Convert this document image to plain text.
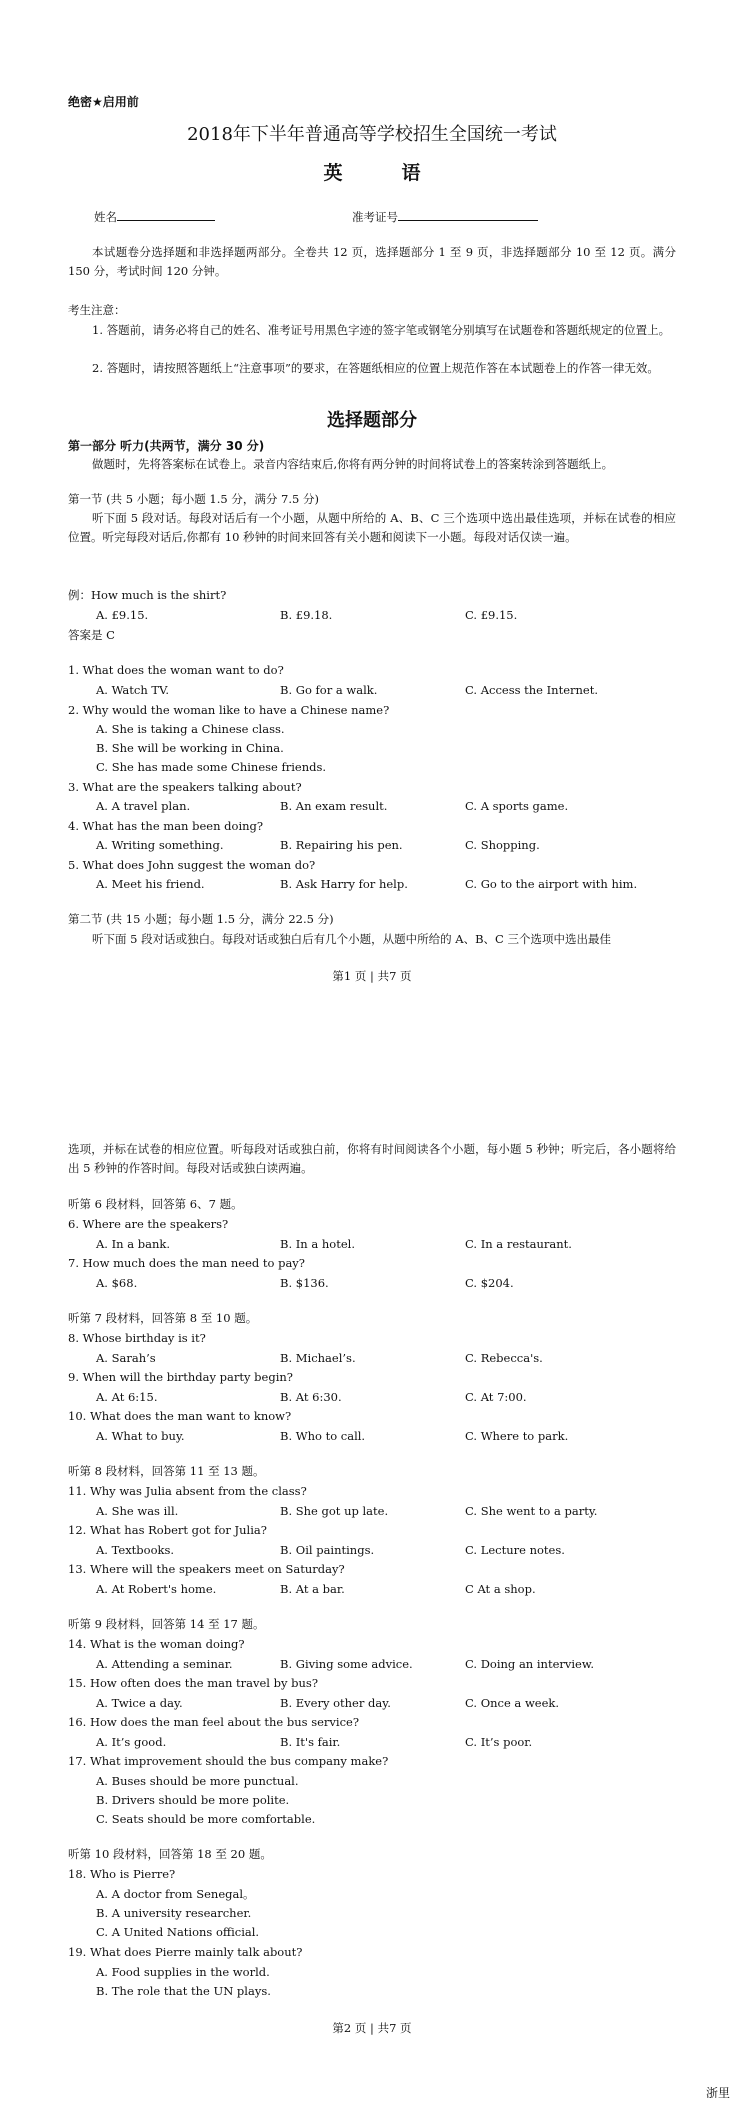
绝密★启用前
2018年下半年普通高等学校招生全国统一考试
英　语
姓名	准考证号
本试题卷分选择题和非选择题两部分。全卷共 12 页，选择题部分 1 至 9 页，非选择题部分 10 至 12 页。满分 150 分，考试时间 120 分钟。
考生注意：
1. 答题前，请务必将自己的姓名、准考证号用黑色字迹的签字笔或钢笔分别填写在试题卷和答题纸规定的位置上。
2. 答题时，请按照答题纸上“注意事项”的要求，在答题纸相应的位置上规范作答在本试题卷上的作答一律无效。
选择题部分
第一部分 听力(共两节，满分 30 分)
做题时，先将答案标在试卷上。录音内容结束后,你将有两分钟的时间将试卷上的答案转涂到答题纸上。
第一节 (共 5 小题；每小题 1.5 分，满分 7.5 分)
听下面 5 段对话。每段对话后有一个小题，从题中所给的 A、B、C 三个选项中选出最佳选项，并标在试卷的相应位置。听完每段对话后,你都有 10 秒钟的时间来回答有关小题和阅读下一小题。每段对话仅读一遍。
例：How much is the shirt?
A. £9.15.	B. £9.18.	C. £9.15.
答案是 C
1. What does the woman want to do?
A. Watch TV.	B. Go for a walk.	C. Access the Internet.
2. Why would the woman like to have a Chinese name?
A. She is taking a Chinese class.
B. She will be working in China.
C. She has made some Chinese friends.
3. What are the speakers talking about?
A. A travel plan.	B. An exam result.	C. A sports game.
4. What has the man been doing?
A. Writing something.	B. Repairing his pen.	C. Shopping.
5. What does John suggest the woman do?
A. Meet his friend.	B. Ask Harry for help.	C. Go to the airport with him.
第二节 (共 15 小题；每小题 1.5 分，满分 22.5 分)
听下面 5 段对话或独白。每段对话或独白后有几个小题，从题中所给的 A、B、C 三个选项中选出最佳
第1 页 | 共7 页
选项，并标在试卷的相应位置。听每段对话或独白前，你将有时间阅读各个小题，每小题 5 秒钟；听完后，各小题将给出 5 秒钟的作答时间。每段对话或独白读两遍。
听第 6 段材料，回答第 6、7 题。
6. Where are the speakers?
A. In a bank.	B. In a hotel.	C. In a restaurant.
7. How much does the man need to pay?
A. $68.	B. $136.	C. $204.
听第 7 段材料，回答第 8 至 10 题。
8. Whose birthday is it?
A. Sarah’s	B. Michael’s.	C. Rebecca's.
9. When will the birthday party begin?
A. At 6:15.	B. At 6:30.	C. At 7:00.
10. What does the man want to know?
A. What to buy.	B. Who to call.	C. Where to park.
听第 8 段材料，回答第 11 至 13 题。
11. Why was Julia absent from the class?
A. She was ill.	B. She got up late.	C. She went to a party.
12. What has Robert got for Julia?
A. Textbooks.	B. Oil paintings.	C. Lecture notes.
13. Where will the speakers meet on Saturday?
A. At Robert's home.	B. At a bar.	C At a shop.
听第 9 段材料，回答第 14 至 17 题。
14. What is the woman doing?
A. Attending a seminar.	B. Giving some advice.	C. Doing an interview.
15. How often does the man travel by bus?
A. Twice a day.	B. Every other day.	C. Once a week.
16. How does the man feel about the bus service?
A. It’s good.	B. It's fair.	C. It’s poor.
17. What improvement should the bus company make?
A. Buses should be more punctual.
B. Drivers should be more polite.
C. Seats should be more comfortable.
听第 10 段材料，回答第 18 至 20 题。
18. Who is Pierre?
A. A doctor from Senegal。
B. A university researcher.
C. A United Nations official.
19. What does Pierre mainly talk about?
A. Food supplies in the world.
B. The role that the UN plays.
第2 页 | 共7 页
浙里
